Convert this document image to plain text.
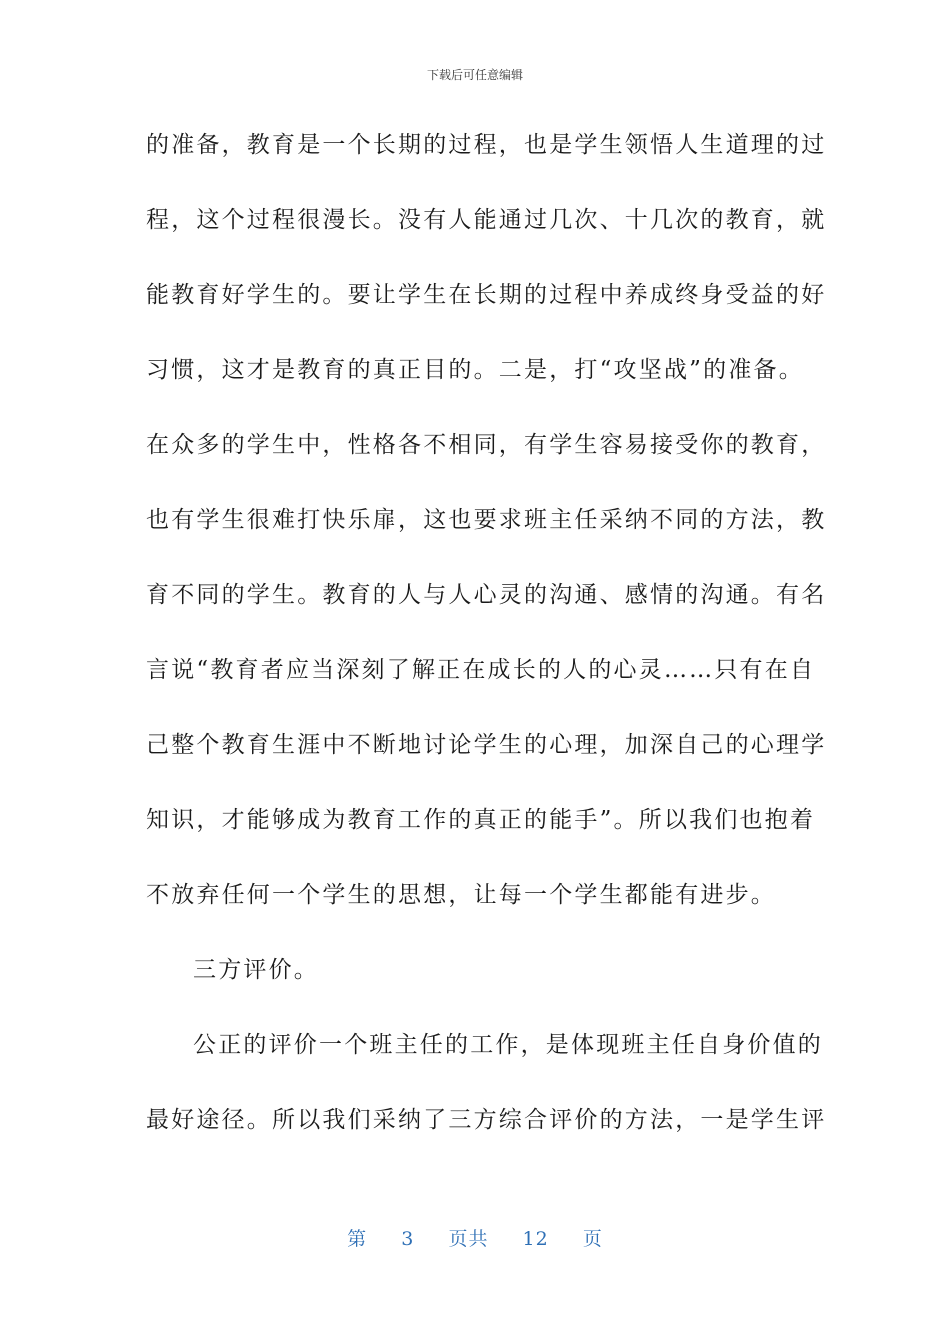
下载后可任意编辑
的准备，教育是一个长期的过程，也是学生领悟人生道理的过
程，这个过程很漫长。没有人能通过几次、十几次的教育，就
能教育好学生的。要让学生在长期的过程中养成终身受益的好
习惯，这才是教育的真正目的。二是，打“攻坚战”的准备。
在众多的学生中，性格各不相同，有学生容易接受你的教育，
也有学生很难打快乐扉，这也要求班主任采纳不同的方法，教
育不同的学生。教育的人与人心灵的沟通、感情的沟通。有名
言说“教育者应当深刻了解正在成长的人的心灵……只有在自
己整个教育生涯中不断地讨论学生的心理，加深自己的心理学
知识，才能够成为教育工作的真正的能手”。所以我们也抱着
不放弃任何一个学生的思想，让每一个学生都能有进步。
三方评价。
公正的评价一个班主任的工作，是体现班主任自身价值的
最好途径。所以我们采纳了三方综合评价的方法，一是学生评
第 3 页共 12 页
